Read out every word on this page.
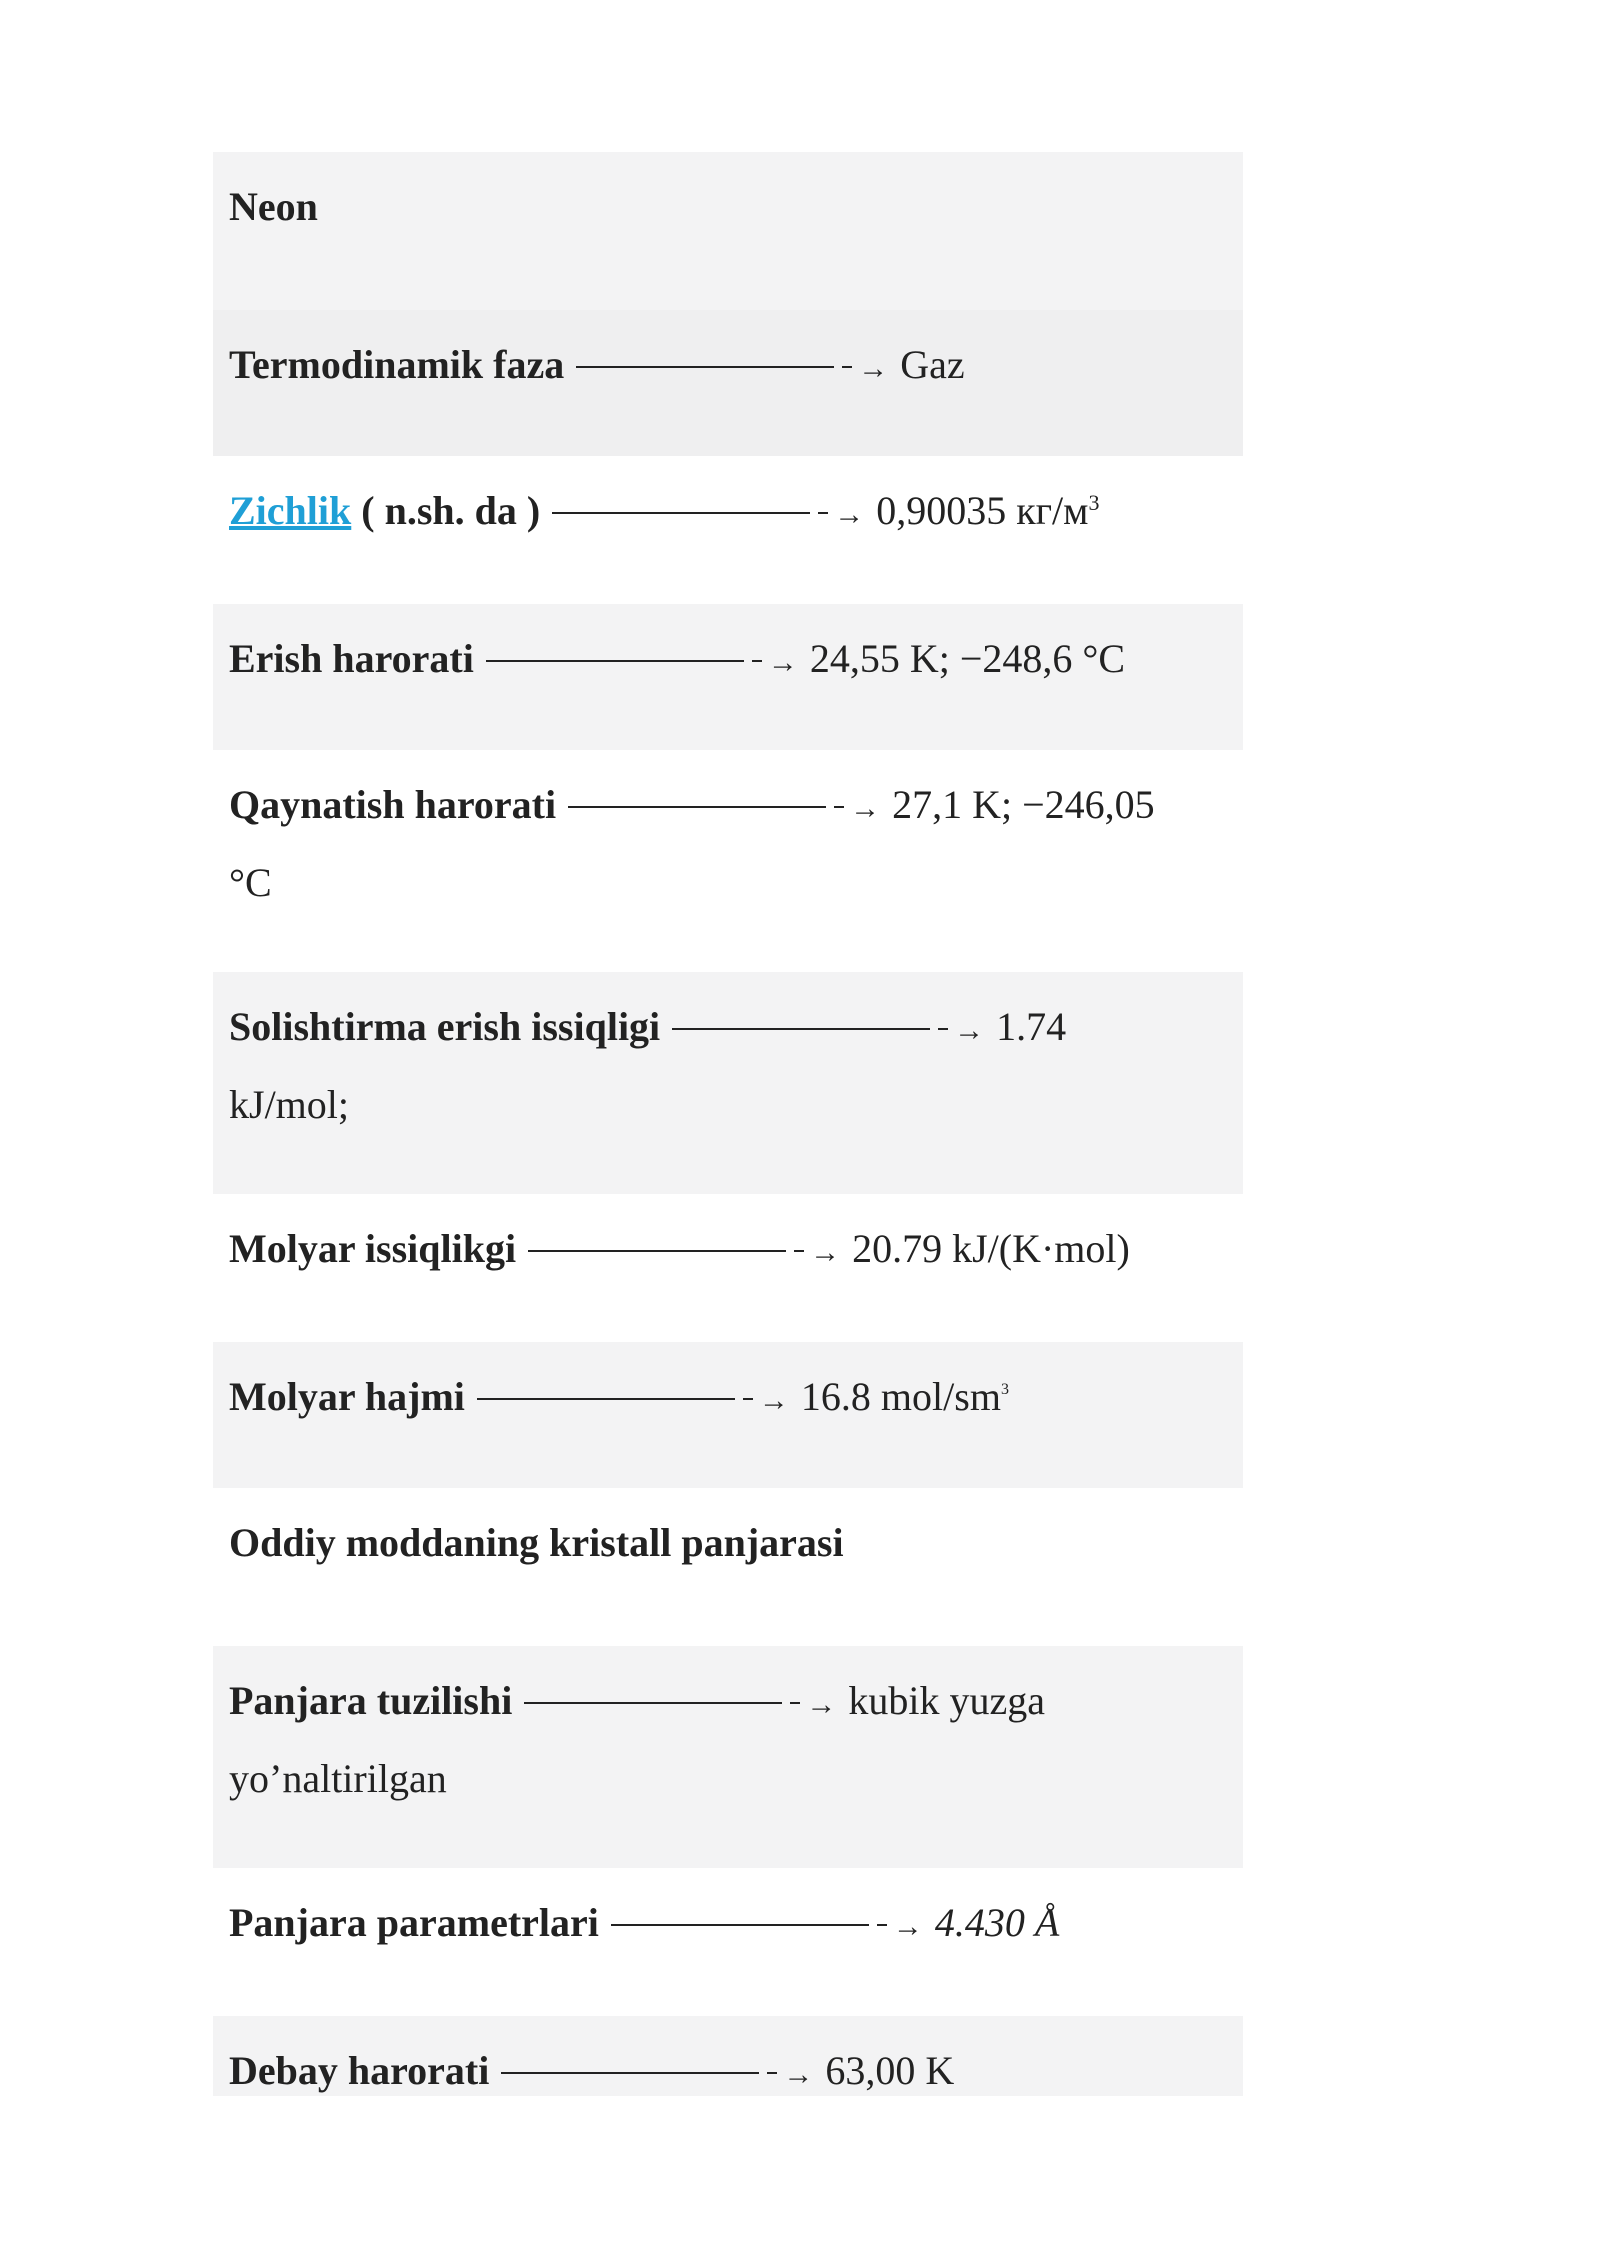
Neon
Termodinamik faza	→ Gaz
Zichlik ( n.sh. da )	→ 0,90035 $кг/м^3$
Erish harorati	→ 24,55 K; −248,6 °C
Qaynatish harorati	→ 27,1 K; −246,05
°C
Solishtirma erish issiqligi	→ 1.74
kJ/mol;
Molyar issiqlikgi	→ 20.79 kJ/(K·mol)
Molyar hajmi	→ 16.8 mol/$sm^3$
Oddiy moddaning kristall panjarasi
Panjara tuzilishi	→ kubik yuzga
yo’naltirilgan
Panjara parametrlari	→ 4.430 Å
Debay harorati	→ 63,00 K
